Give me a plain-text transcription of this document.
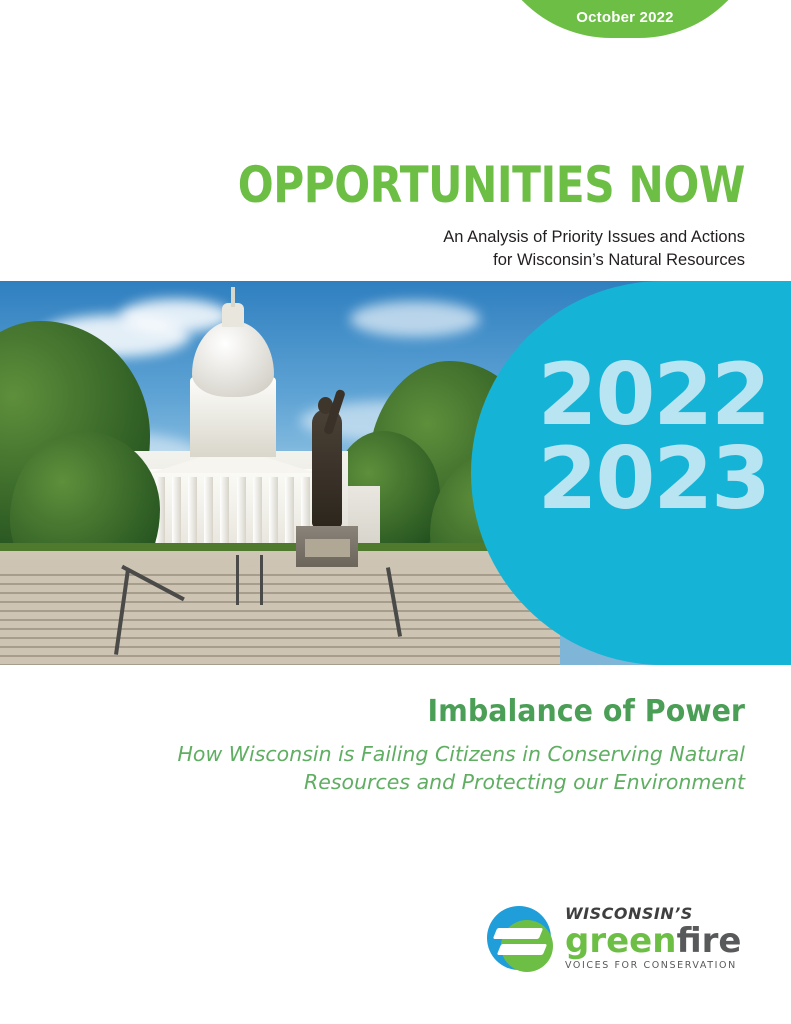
October 2022
OPPORTUNITIES NOW
An Analysis of Priority Issues and Actions
for Wisconsin’s Natural Resources
2022
2023
Imbalance of Power
How Wisconsin is Failing Citizens in Conserving Natural
Resources and Protecting our Environment
WISCONSIN’S
greenfire
VOICES FOR CONSERVATION
